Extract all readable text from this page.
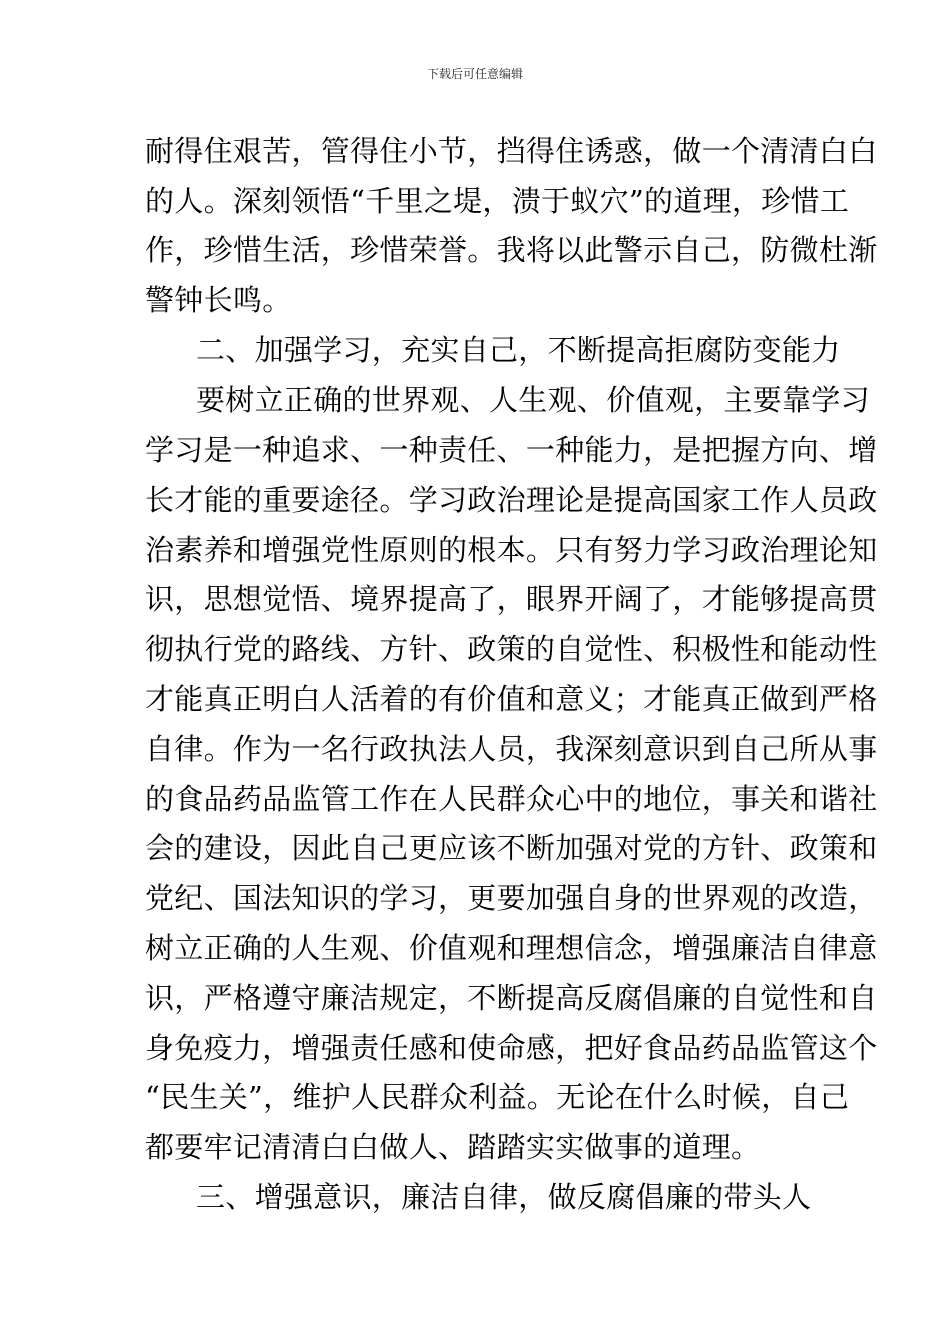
下载后可任意编辑
耐得住艰苦，管得住小节，挡得住诱惑，做一个清清白白
的人。深刻领悟“千里之堤，溃于蚁穴”的道理，珍惜工
作，珍惜生活，珍惜荣誉。我将以此警示自己，防微杜渐
警钟长鸣。
二、加强学习，充实自己，不断提高拒腐防变能力
要树立正确的世界观、人生观、价值观，主要靠学习
学习是一种追求、一种责任、一种能力，是把握方向、增
长才能的重要途径。学习政治理论是提高国家工作人员政
治素养和增强党性原则的根本。只有努力学习政治理论知
识，思想觉悟、境界提高了，眼界开阔了，才能够提高贯
彻执行党的路线、方针、政策的自觉性、积极性和能动性
才能真正明白人活着的有价值和意义；才能真正做到严格
自律。作为一名行政执法人员，我深刻意识到自己所从事
的食品药品监管工作在人民群众心中的地位，事关和谐社
会的建设，因此自己更应该不断加强对党的方针、政策和
党纪、国法知识的学习，更要加强自身的世界观的改造，
树立正确的人生观、价值观和理想信念，增强廉洁自律意
识，严格遵守廉洁规定，不断提高反腐倡廉的自觉性和自
身免疫力，增强责任感和使命感，把好食品药品监管这个
“民生关”，维护人民群众利益。无论在什么时候，自己
都要牢记清清白白做人、踏踏实实做事的道理。
三、增强意识，廉洁自律，做反腐倡廉的带头人
